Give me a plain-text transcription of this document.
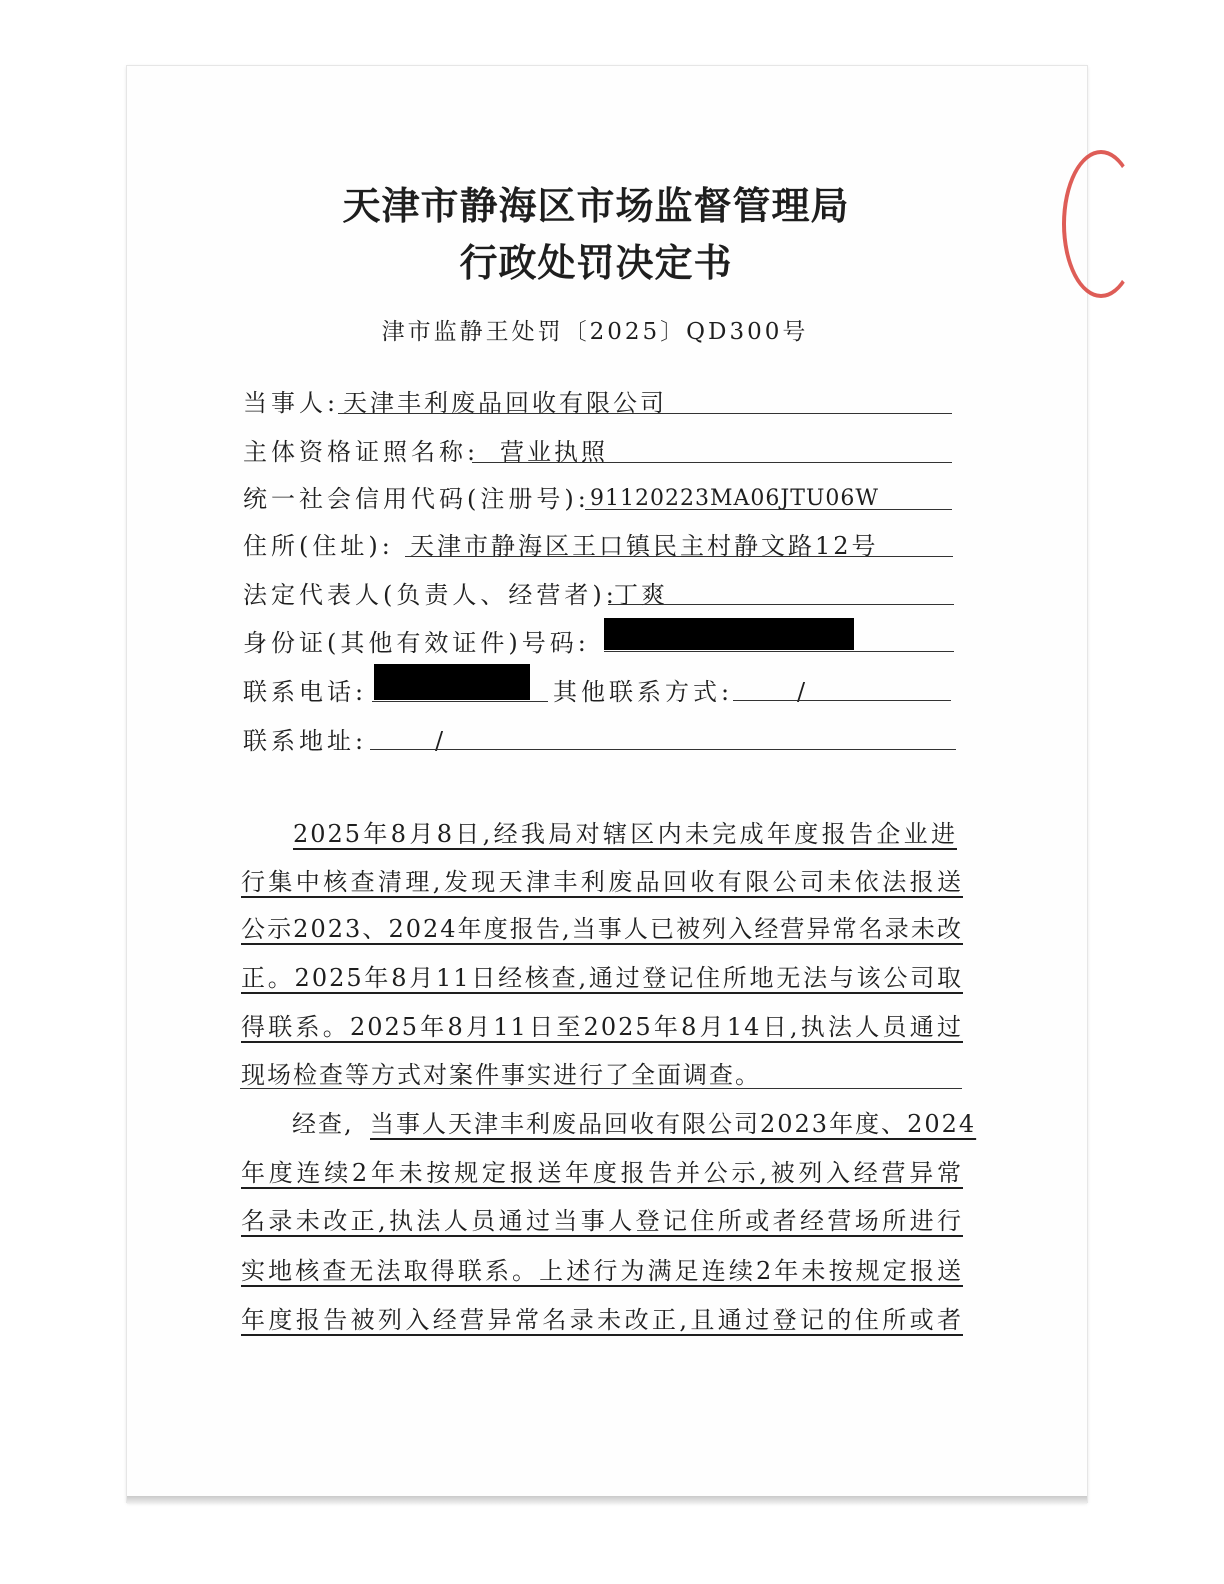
天津市静海区市场监督管理局
行政处罚决定书
津市监静王处罚〔2025〕QD300号
当事人: 天津丰利废品回收有限公司
主体资格证照名称: 营业执照
统一社会信用代码(注册号): 91120223MA06JTU06W
住所(住址): 天津市静海区王口镇民主村静文路12号
法定代表人(负责人、经营者):
丁爽
身份证(其他有效证件)号码:
联系电话:	其他联系方式:	/
联系地址:	/
2025年8月8日,经我局对辖区内未完成年度报告企业进
行集中核查清理,发现天津丰利废品回收有限公司未依法报送
公示2023、2024年度报告,当事人已被列入经营异常名录未改
正。2025年8月11日经核查,通过登记住所地无法与该公司取
得联系。2025年8月11日至2025年8月14日,执法人员通过
现场检查等方式对案件事实进行了全面调查。
经查, 当事人天津丰利废品回收有限公司2023年度、2024
年度连续2年未按规定报送年度报告并公示,被列入经营异常
名录未改正,执法人员通过当事人登记住所或者经营场所进行
实地核查无法取得联系。上述行为满足连续2年未按规定报送
年度报告被列入经营异常名录未改正,且通过登记的住所或者
